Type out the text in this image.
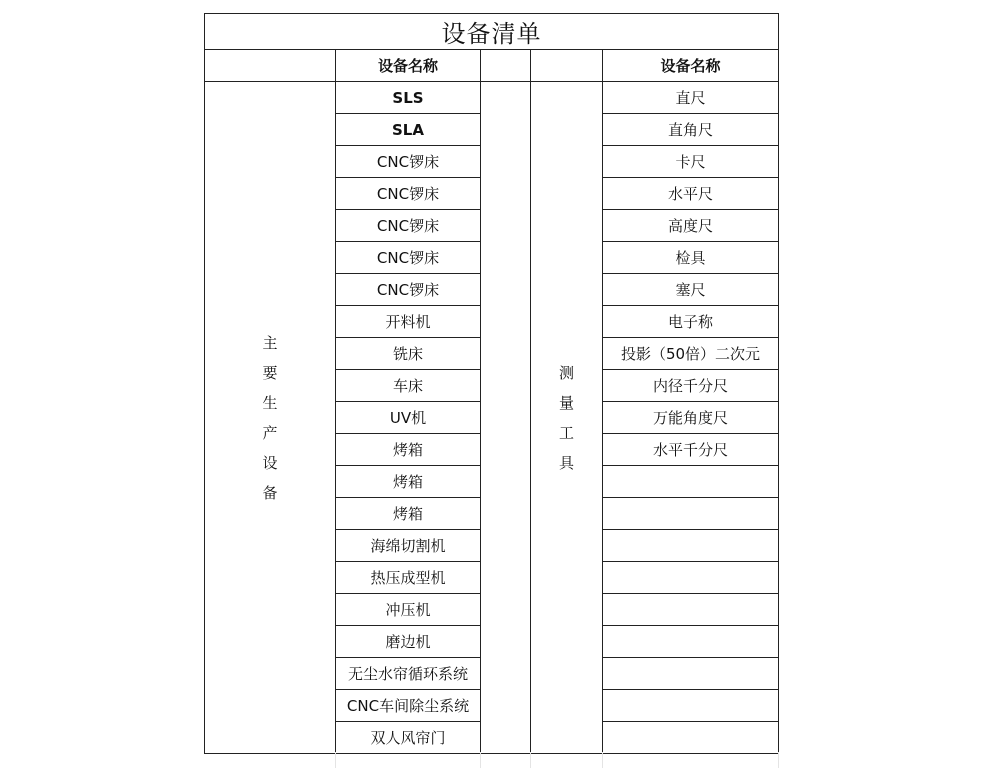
设备清单				
	设备名称			设备名称
主要生产设备	SLS		测量工具	直尺
	SLA			直角尺
	CNC锣床			卡尺
	CNC锣床			水平尺
	CNC锣床			高度尺
	CNC锣床			检具
	CNC锣床			塞尺
	开料机			电子称
	铣床			投影（50倍）二次元
	车床			内径千分尺
	UV机			万能角度尺
	烤箱			水平千分尺
	烤箱			
	烤箱			
	海绵切割机			
	热压成型机			
	冲压机			
	磨边机			
	无尘水帘循环系统			
	CNC车间除尘系统			
	双人风帘门			
